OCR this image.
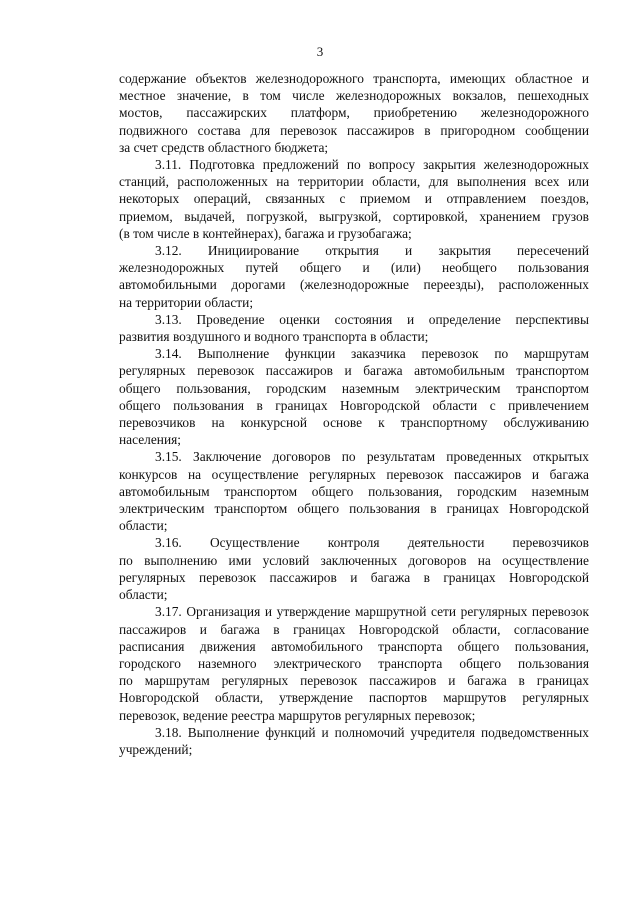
3
содержание объектов железнодорожного транспорта, имеющих областное и
местное значение, в том числе железнодорожных вокзалов, пешеходных
мостов, пассажирских платформ, приобретению железнодорожного
подвижного состава для перевозок пассажиров в пригородном сообщении
за счет средств областного бюджета;
3.11. Подготовка предложений по вопросу закрытия железнодорожных
станций, расположенных на территории области, для выполнения всех или
некоторых операций, связанных с приемом и отправлением поездов,
приемом, выдачей, погрузкой, выгрузкой, сортировкой, хранением грузов
(в том числе в контейнерах), багажа и грузобагажа;
3.12. Инициирование открытия и закрытия пересечений
железнодорожных путей общего и (или) необщего пользования
автомобильными дорогами (железнодорожные переезды), расположенных
на территории области;
3.13. Проведение оценки состояния и определение перспективы
развития воздушного и водного транспорта в области;
3.14. Выполнение функции заказчика перевозок по маршрутам
регулярных перевозок пассажиров и багажа автомобильным транспортом
общего пользования, городским наземным электрическим транспортом
общего пользования в границах Новгородской области с привлечением
перевозчиков на конкурсной основе к транспортному обслуживанию
населения;
3.15. Заключение договоров по результатам проведенных открытых
конкурсов на осуществление регулярных перевозок пассажиров и багажа
автомобильным транспортом общего пользования, городским наземным
электрическим транспортом общего пользования в границах Новгородской
области;
3.16. Осуществление контроля деятельности перевозчиков
по выполнению ими условий заключенных договоров на осуществление
регулярных перевозок пассажиров и багажа в границах Новгородской
области;
3.17. Организация и утверждение маршрутной сети регулярных перевозок
пассажиров и багажа в границах Новгородской области, согласование
расписания движения автомобильного транспорта общего пользования,
городского наземного электрического транспорта общего пользования
по маршрутам регулярных перевозок пассажиров и багажа в границах
Новгородской области, утверждение паспортов маршрутов регулярных
перевозок, ведение реестра маршрутов регулярных перевозок;
3.18. Выполнение функций и полномочий учредителя подведомственных
учреждений;
